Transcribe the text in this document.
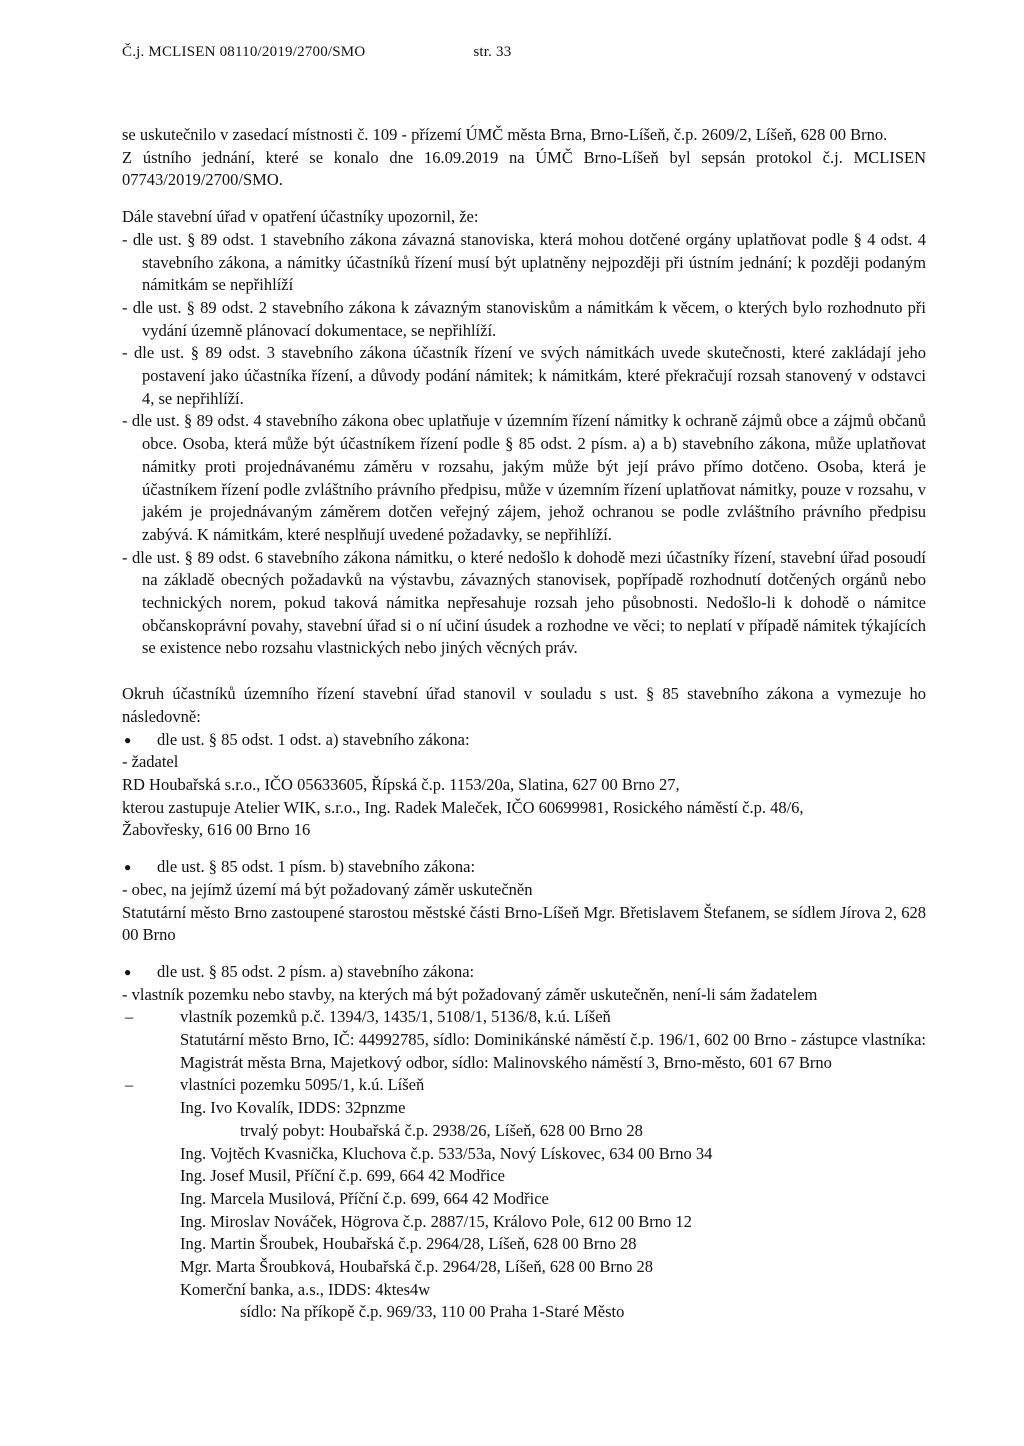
Č.j. MCLISEN 08110/2019/2700/SMO	str. 33
se uskutečnilo v zasedací místnosti č. 109 - přízemí ÚMČ města Brna, Brno-Líšeň, č.p. 2609/2, Líšeň, 628 00 Brno.
Z ústního jednání, které se konalo dne 16.09.2019 na ÚMČ Brno-Líšeň byl sepsán protokol č.j. MCLISEN 07743/2019/2700/SMO.
Dále stavební úřad v opatření účastníky upozornil, že:
- dle ust. § 89 odst. 1 stavebního zákona závazná stanoviska, která mohou dotčené orgány uplatňovat podle § 4 odst. 4 stavebního zákona, a námitky účastníků řízení musí být uplatněny nejpozději při ústním jednání; k později podaným námitkám se nepřihlíží
- dle ust. § 89 odst. 2 stavebního zákona k závazným stanoviskům a námitkám k věcem, o kterých bylo rozhodnuto při vydání územně plánovací dokumentace, se nepřihlíží.
- dle ust. § 89 odst. 3 stavebního zákona účastník řízení ve svých námitkách uvede skutečnosti, které zakládají jeho postavení jako účastníka řízení, a důvody podání námitek; k námitkám, které překračují rozsah stanovený v odstavci 4, se nepřihlíží.
- dle ust. § 89 odst. 4 stavebního zákona obec uplatňuje v územním řízení námitky k ochraně zájmů obce a zájmů občanů obce. Osoba, která může být účastníkem řízení podle § 85 odst. 2 písm. a) a b) stavebního zákona, může uplatňovat námitky proti projednávanému záměru v rozsahu, jakým může být její právo přímo dotčeno. Osoba, která je účastníkem řízení podle zvláštního právního předpisu, může v územním řízení uplatňovat námitky, pouze v rozsahu, v jakém je projednávaným záměrem dotčen veřejný zájem, jehož ochranou se podle zvláštního právního předpisu zabývá. K námitkám, které nesplňují uvedené požadavky, se nepřihlíží.
- dle ust. § 89 odst. 6 stavebního zákona námitku, o které nedošlo k dohodě mezi účastníky řízení, stavební úřad posoudí na základě obecných požadavků na výstavbu, závazných stanovisek, popřípadě rozhodnutí dotčených orgánů nebo technických norem, pokud taková námitka nepřesahuje rozsah jeho působnosti. Nedošlo-li k dohodě o námitce občanskoprávní povahy, stavební úřad si o ní učiní úsudek a rozhodne ve věci; to neplatí v případě námitek týkajících se existence nebo rozsahu vlastnických nebo jiných věcných práv.
Okruh účastníků územního řízení stavební úřad stanovil v souladu s ust. § 85 stavebního zákona a vymezuje ho následovně:
● dle ust. § 85 odst. 1 odst. a) stavebního zákona:
- žadatel
RD Houbařská s.r.o., IČO 05633605, Řípská č.p. 1153/20a, Slatina, 627 00 Brno 27,
kterou zastupuje Atelier WIK, s.r.o., Ing. Radek Maleček, IČO 60699981, Rosického náměstí č.p. 48/6,
Žabovřesky, 616 00 Brno 16
● dle ust. § 85 odst. 1 písm. b) stavebního zákona:
- obec, na jejímž území má být požadovaný záměr uskutečněn
Statutární město Brno zastoupené starostou městské části Brno-Líšeň Mgr. Břetislavem Štefanem, se sídlem Jírova 2, 628 00 Brno
● dle ust. § 85 odst. 2 písm. a) stavebního zákona:
- vlastník pozemku nebo stavby, na kterých má být požadovaný záměr uskutečněn, není-li sám žadatelem
–	vlastník pozemků p.č. 1394/3, 1435/1, 5108/1, 5136/8, k.ú. Líšeň
Statutární město Brno, IČ: 44992785, sídlo: Dominikánské náměstí č.p. 196/1, 602 00 Brno - zástupce vlastníka: Magistrát města Brna, Majetkový odbor, sídlo: Malinovského náměstí 3, Brno-město, 601 67 Brno
–	vlastníci pozemku 5095/1, k.ú. Líšeň
Ing. Ivo Kovalík, IDDS: 32pnzme
trvalý pobyt: Houbařská č.p. 2938/26, Líšeň, 628 00 Brno 28
Ing. Vojtěch Kvasnička, Kluchova č.p. 533/53a, Nový Lískovec, 634 00 Brno 34
Ing. Josef Musil, Příční č.p. 699, 664 42 Modřice
Ing. Marcela Musilová, Příční č.p. 699, 664 42 Modřice
Ing. Miroslav Nováček, Högrova č.p. 2887/15, Královo Pole, 612 00 Brno 12
Ing. Martin Šroubek, Houbařská č.p. 2964/28, Líšeň, 628 00 Brno 28
Mgr. Marta Šroubková, Houbařská č.p. 2964/28, Líšeň, 628 00 Brno 28
Komerční banka, a.s., IDDS: 4ktes4w
sídlo: Na příkopě č.p. 969/33, 110 00 Praha 1-Staré Město
